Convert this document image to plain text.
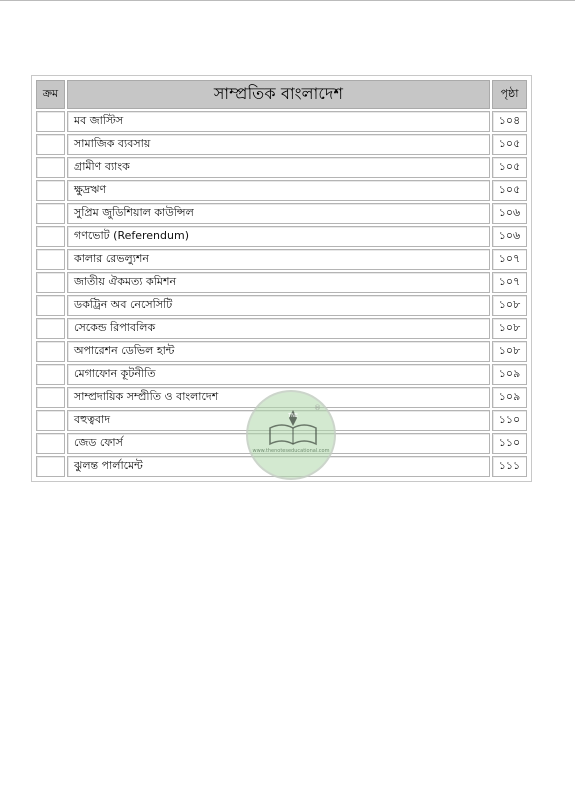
ক্রম	সাম্প্রতিক বাংলাদেশ	পৃষ্ঠা
	মব জাস্টিস	১০৪
	সামাজিক ব্যবসায়	১০৫
	গ্রামীণ ব্যাংক	১০৫
	ক্ষুদ্রঋণ	১০৫
	সুপ্রিম জুডিশিয়াল কাউন্সিল	১০৬
	গণভোট (Referendum)	১০৬
	কালার রেভল্যুশন	১০৭
	জাতীয় ঐকমত্য কমিশন	১০৭
	ডকট্রিন অব নেসেসিটি	১০৮
	সেকেন্ড রিপাবলিক	১০৮
	অপারেশন ডেভিল হান্ট	১০৮
	মেগাফোন কূটনীতি	১০৯
	সাম্প্রদায়িক সম্প্রীতি ও বাংলাদেশ	১০৯
	বহুত্ববাদ	১১০
	জেড ফোর্স	১১০
	ঝুলন্ত পার্লামেন্ট	১১১
TNE
www.thenoteseducational.com
®
